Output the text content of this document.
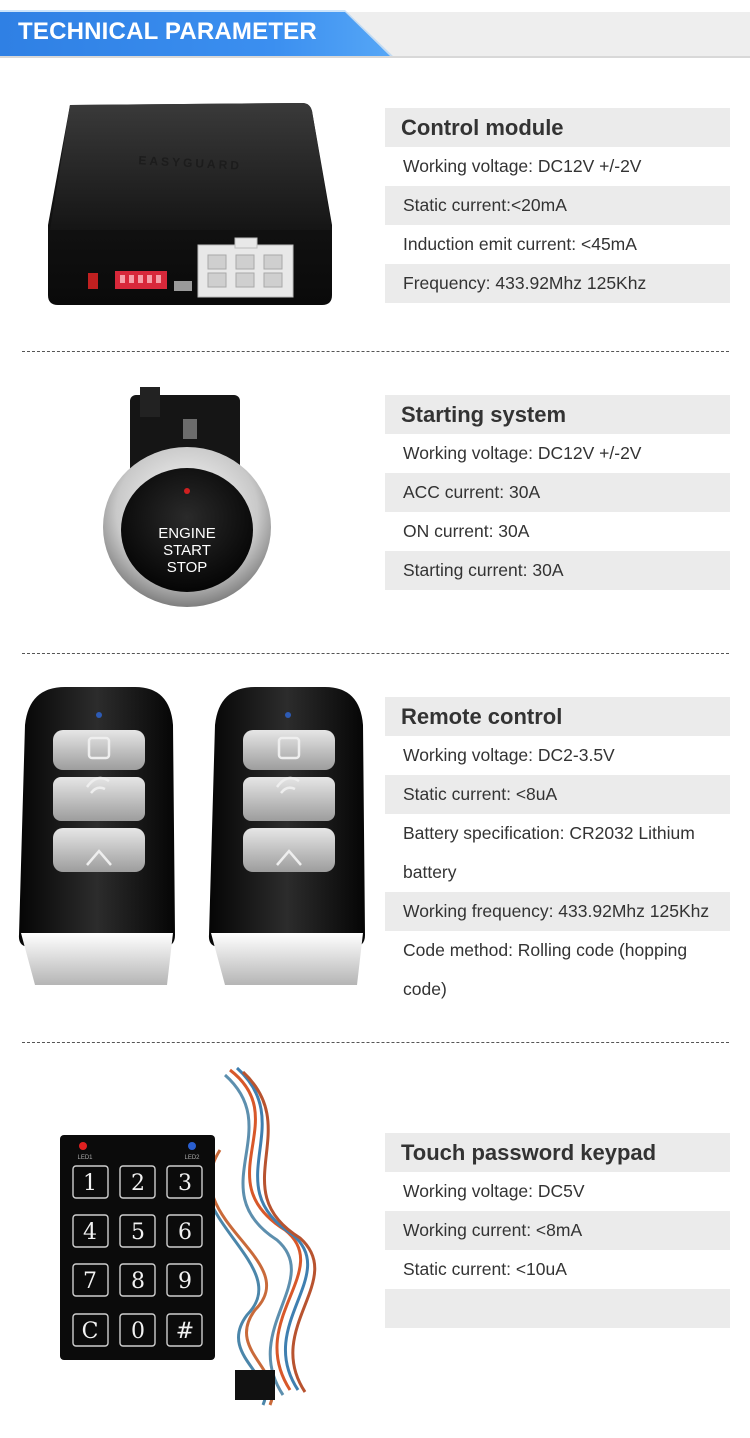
TECHNICAL PARAMETER
EASYGUARD
Control module
Working voltage: DC12V +/-2V
Static current:<20mA
Induction emit current: <45mA
Frequency: 433.92Mhz 125Khz
ENGINE
START
STOP
Starting system
Working voltage: DC12V +/-2V
ACC current: 30A
ON current: 30A
Starting current: 30A
Remote control
Working voltage: DC2-3.5V
Static current: <8uA
Battery specification: CR2032 Lithium battery
Working frequency: 433.92Mhz 125Khz
Code method: Rolling code (hopping code)
LED1	LED2
1 2 3
4 5 6
7 8 9
C 0 #
Touch password keypad
Working voltage: DC5V
Working current: <8mA
Static current: <10uA
